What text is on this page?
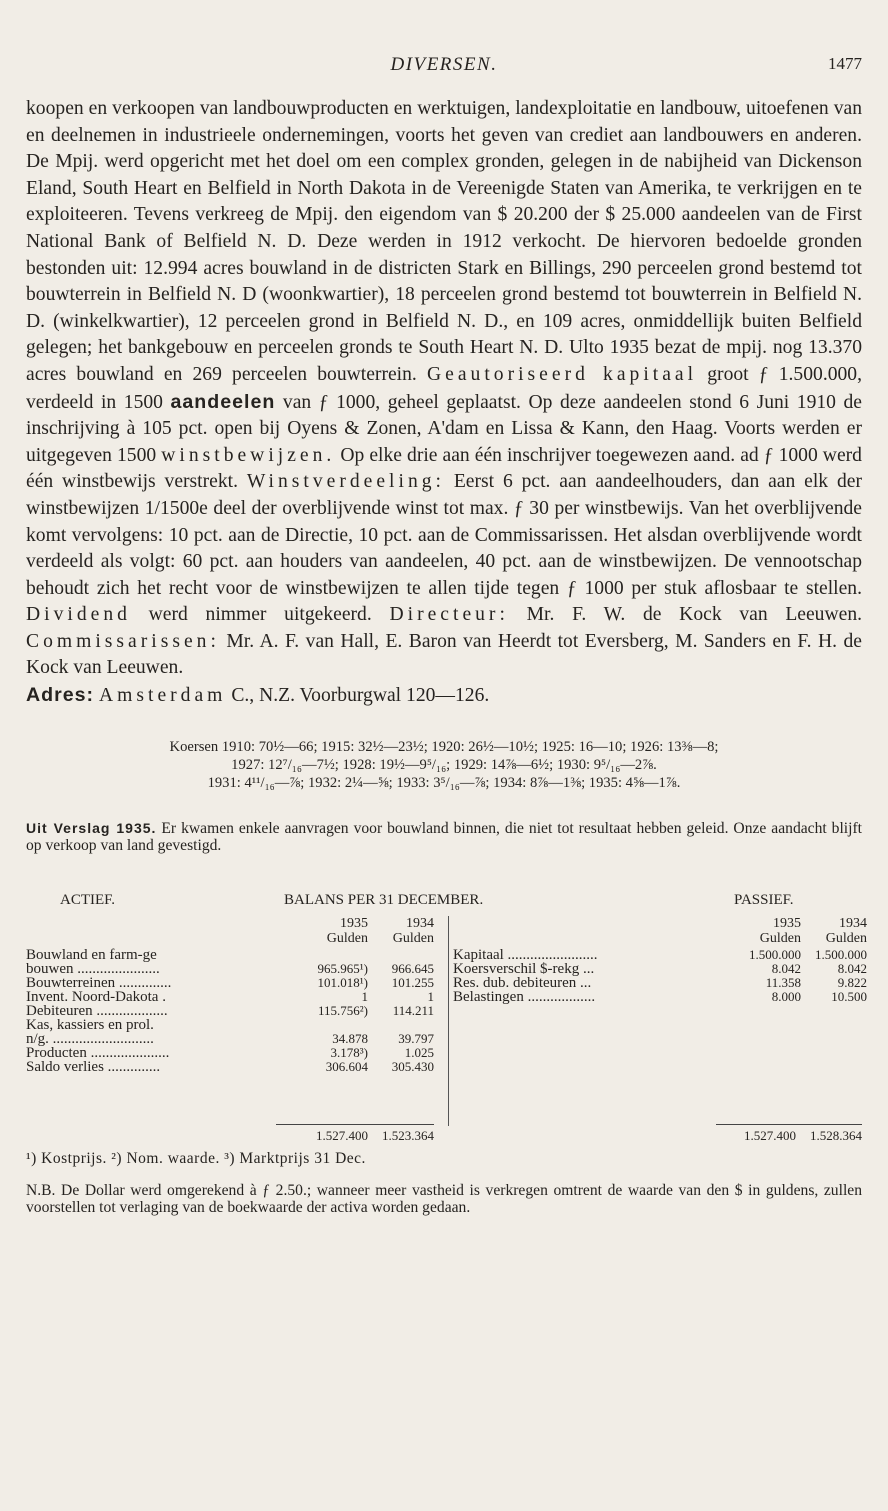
DIVERSEN.	1477

koopen en verkoopen van landbouwproducten en werktuigen, landexploitatie en landbouw, uitoefenen van en deelnemen in industrieele ondernemingen, voorts het geven van crediet aan landbouwers en anderen. De Mpij. werd opgericht met het doel om een complex gronden, gelegen in de nabijheid van Dickenson Eland, South Heart en Belfield in North Dakota in de Vereenigde Staten van Amerika, te verkrijgen en te exploiteeren. Tevens verkreeg de Mpij. den eigendom van $ 20.200 der $ 25.000 aandeelen van de First National Bank of Belfield N. D. Deze werden in 1912 verkocht. De hiervoren bedoelde gronden bestonden uit: 12.994 acres bouwland in de districten Stark en Billings, 290 perceelen grond bestemd tot bouwterrein in Belfield N. D (woonkwartier), 18 perceelen grond bestemd tot bouwterrein in Belfield N. D. (winkelkwartier), 12 perceelen grond in Belfield N. D., en 109 acres, onmiddellijk buiten Belfield gelegen; het bankgebouw en perceelen gronds te South Heart N. D. Ulto 1935 bezat de mpij. nog 13.370 acres bouwland en 269 perceelen bouwterrein. Geautoriseerd kapitaal groot ƒ 1.500.000, verdeeld in 1500 aandeelen van ƒ 1000, geheel geplaatst. Op deze aandeelen stond 6 Juni 1910 de inschrijving à 105 pct. open bij Oyens & Zonen, A'dam en Lissa & Kann, den Haag. Voorts werden er uitgegeven 1500 winstbewijzen. Op elke drie aan één inschrijver toegewezen aand. ad ƒ 1000 werd één winstbewijs verstrekt. Winstverdeeling: Eerst 6 pct. aan aandeelhouders, dan aan elk der winstbewijzen 1/1500e deel der overblijvende winst tot max. ƒ 30 per winstbewijs. Van het overblijvende komt vervolgens: 10 pct. aan de Directie, 10 pct. aan de Commissarissen. Het alsdan overblijvende wordt verdeeld als volgt: 60 pct. aan houders van aandeelen, 40 pct. aan de winstbewijzen. De vennootschap behoudt zich het recht voor de winstbewijzen te allen tijde tegen ƒ 1000 per stuk aflosbaar te stellen. Dividend werd nimmer uitgekeerd. Directeur: Mr. F. W. de Kock van Leeuwen. Commissarissen: Mr. A. F. van Hall, E. Baron van Heerdt tot Eversberg, M. Sanders en F. H. de Kock van Leeuwen.
Adres: Amsterdam C., N.Z. Voorburgwal 120—126.

Koersen 1910: 70½—66; 1915: 32½—23½; 1920: 26½—10½; 1925: 16—10; 1926: 13⅜—8;
1927: 12⁷/₁₆—7½; 1928: 19½—9⁵/₁₆; 1929: 14⅞—6½; 1930: 9⁵/₁₆—2⅞.
1931: 4¹¹/₁₆—⅞; 1932: 2¼—⅝; 1933: 3⁵/₁₆—⅞; 1934: 8⅞—1⅜; 1935: 4⅝—1⅞.

Uit Verslag 1935. Er kwamen enkele aanvragen voor bouwland binnen, die niet tot resultaat hebben geleid. Onze aandacht blijft op verkoop van land gevestigd.

ACTIEF.	BALANS PER 31 DECEMBER.	PASSIEF.
1935	1934
Gulden	Gulden
Bouwland en farm-ge
bouwen ......................	965.965¹)	966.645
Bouwterreinen ..............	101.018¹)	101.255
Invent. Noord-Dakota .	1	1
Debiteuren ...................	115.756²)	114.211
Kas, kassiers en prol.
n/g. ...........................	34.878	39.797
Producten .....................	3.178³)	1.025
Saldo verlies ..............	306.604	305.430
1935	1934
Gulden	Gulden
Kapitaal ........................	1.500.000	1.500.000
Koersverschil $-rekg ...	8.042	8.042
Res. dub. debiteuren ...	11.358	9.822
Belastingen ..................	8.000	10.500
1.527.400	1.523.364	1.527.400	1.528.364
¹) Kostprijs. ²) Nom. waarde. ³) Marktprijs 31 Dec.

N.B. De Dollar werd omgerekend à ƒ 2.50.; wanneer meer vastheid is verkregen omtrent de waarde van den $ in guldens, zullen voorstellen tot verlaging van de boekwaarde der activa worden gedaan.
